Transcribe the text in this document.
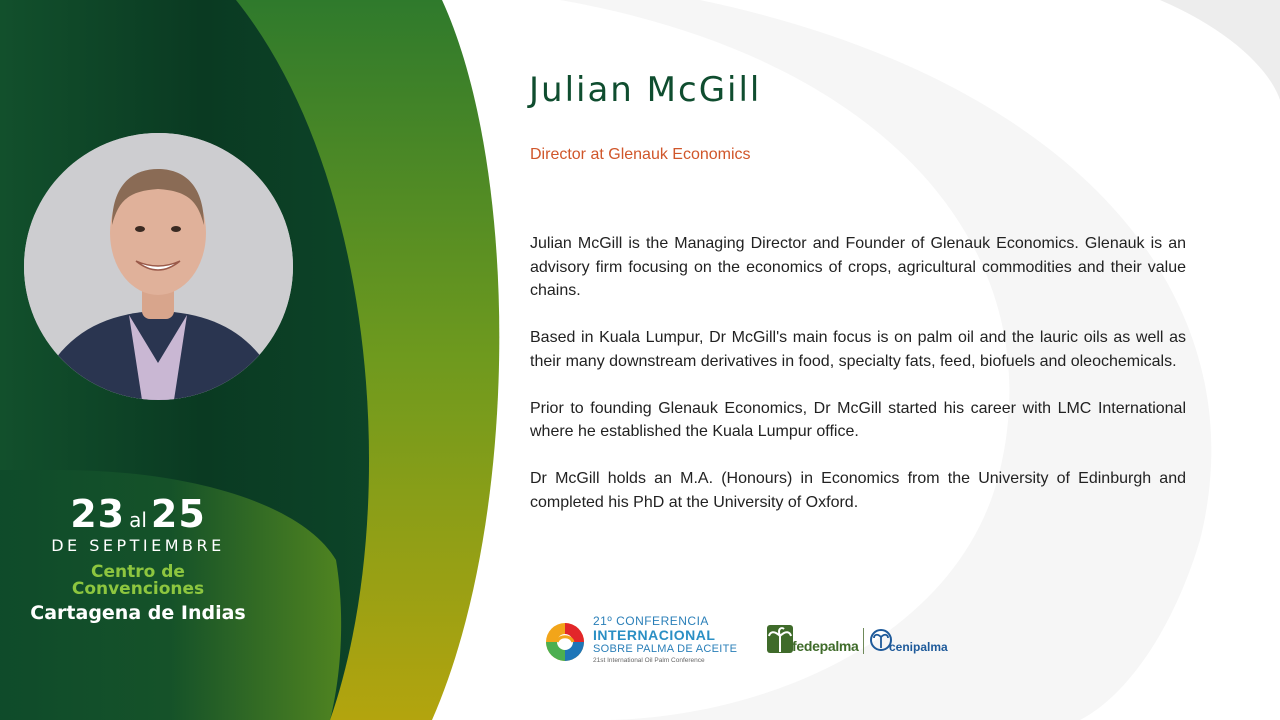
23 al 25
DE SEPTIEMBRE
Centro de
Convenciones
Cartagena de Indias
Julian McGill
Director at Glenauk Economics

Julian McGill is the Managing Director and Founder of Glenauk Economics. Glenauk is an advisory firm focusing on the economics of crops, agricultural commodities and their value chains.

Based in Kuala Lumpur, Dr McGill's main focus is on palm oil and the lauric oils as well as their many downstream derivatives in food, specialty fats, feed, biofuels and oleochemicals.

Prior to founding Glenauk Economics, Dr McGill started his career with LMC International where he established the Kuala Lumpur office.

Dr McGill holds an M.A. (Honours) in Economics from the University of Edinburgh and completed his PhD at the University of Oxford.

21º CONFERENCIA
INTERNACIONAL
SOBRE PALMA DE ACEITE
21st International Oil Palm Conference
fedepalma	cenipalma
